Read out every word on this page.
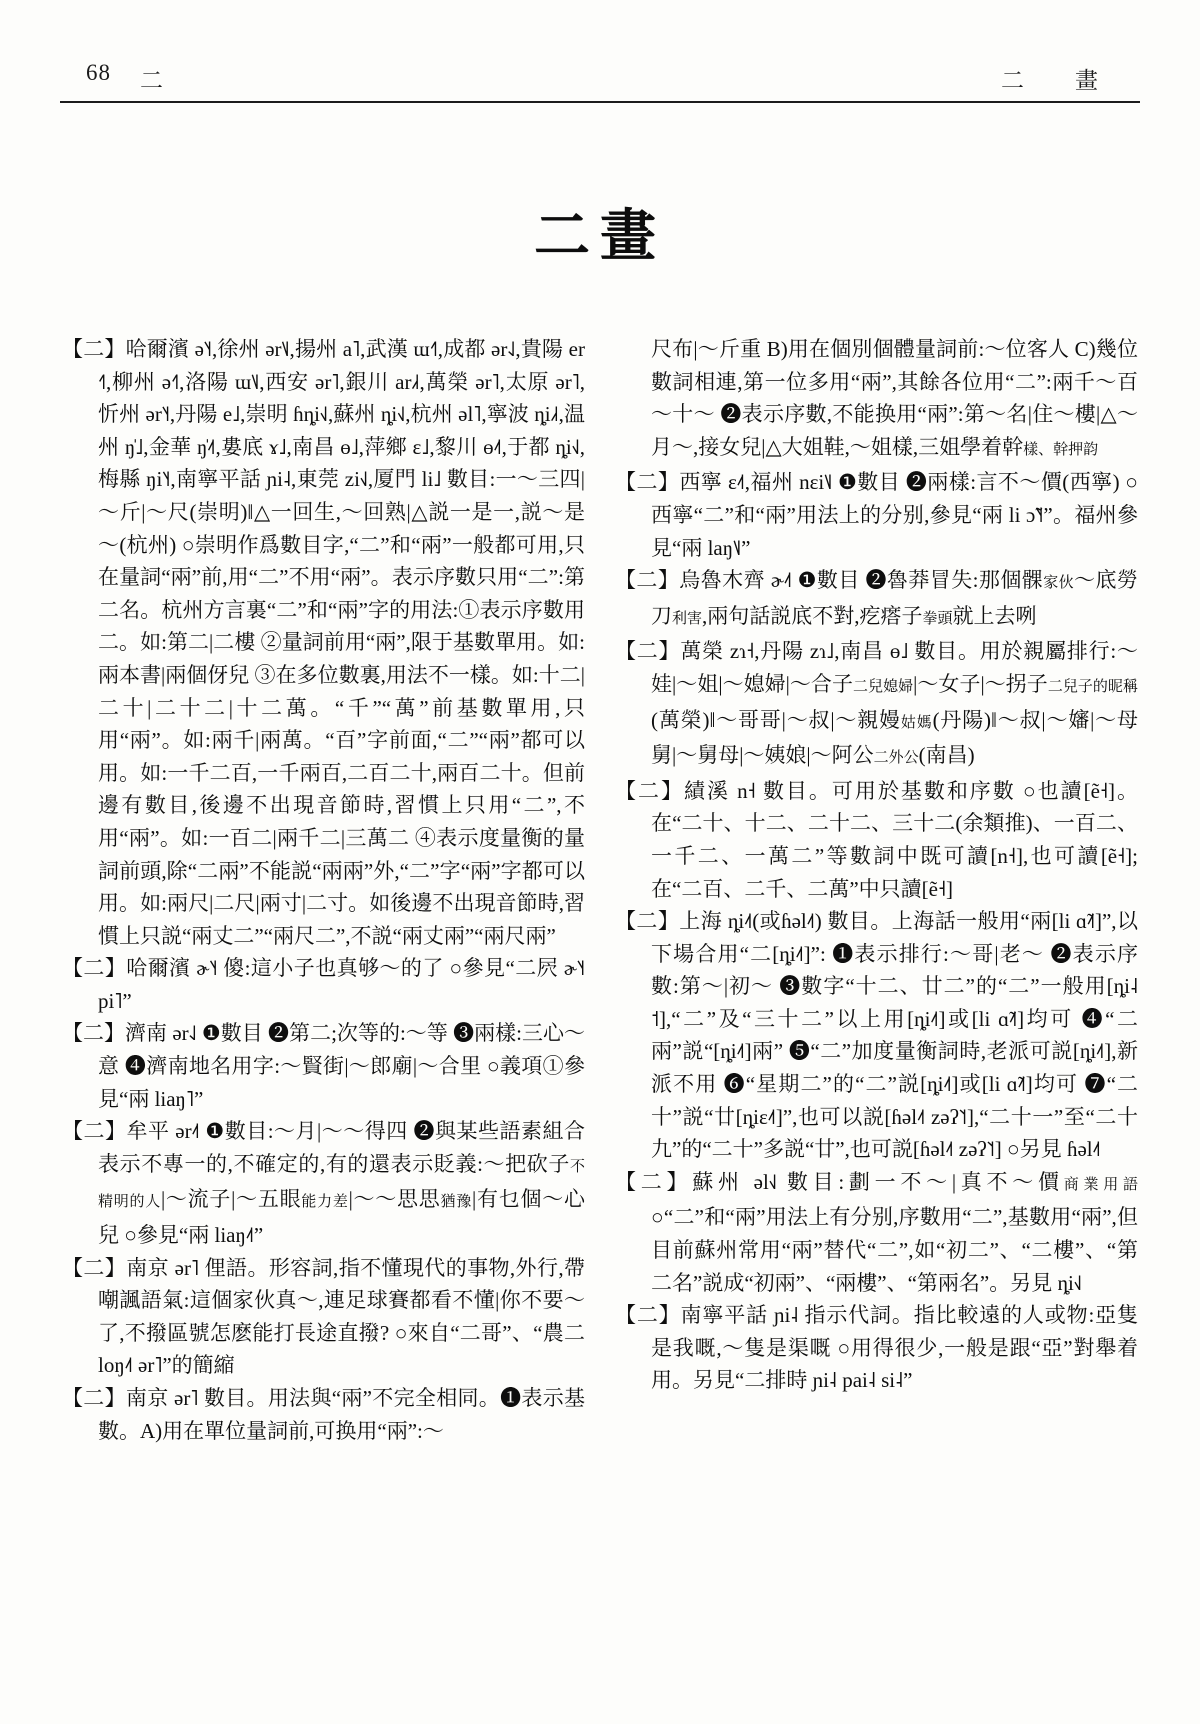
68 二	二　畫
二畫

【二】哈爾濱 ə˥˧,徐州 ər˥˩,揚州 a˥,武漢 ɯ˧˥,成都 ər˨˩,貴陽 er˧˥,柳州 ə˧˥,洛陽 ɯ˥˩,西安 ər˥,銀川 ar˩˧,萬榮 ər˥,太原 ər˥,忻州 ər˥˧,丹陽 e˩,崇明 ɦȵi˧˩,蘇州 ȵi˧˩,杭州 əl˥,寧波 ȵi˩˧,温州 ŋ̍˩,金華 ŋ̍˨˦,婁底 ɤ˩,南昌 ɵ˩,萍鄉 ɛ˩,黎川 ɵ˨˦,于都 ȵi˧˩,梅縣 ŋi˥˧,南寧平話 ɲi˨,東莞 zi˧˩,厦門 li˩ 數目:一～三四|～斤|～尺(崇明)‖△一回生,～回熟|△説一是一,説～是～(杭州) ○崇明作爲數目字,“二”和“兩”一般都可用,只在量詞“兩”前,用“二”不用“兩”。表示序數只用“二”:第二名。杭州方言裏“二”和“兩”字的用法:①表示序數用二。如:第二|二樓 ②量詞前用“兩”,限于基數單用。如:兩本書|兩個伢兒 ③在多位數裏,用法不一樣。如:十二|二十|二十二|十二萬。“千”“萬”前基數單用,只用“兩”。如:兩千|兩萬。“百”字前面,“二”“兩”都可以用。如:一千二百,一千兩百,二百二十,兩百二十。但前邊有數目,後邊不出現音節時,習慣上只用“二”,不用“兩”。如:一百二|兩千二|三萬二 ④表示度量衡的量詞前頭,除“二兩”不能説“兩兩”外,“二”字“兩”字都可以用。如:兩尺|二尺|兩寸|二寸。如後邊不出現音節時,習慣上只説“兩丈二”“兩尺二”,不説“兩丈兩”“兩尺兩”

【二】哈爾濱 ɚ˥˧ 傻:這小子也真够～的了 ○參見“二屄 ɚ˥˧ pi˥”

【二】濟南 ər˨˩ ❶數目 ❷第二;次等的:～等 ❸兩樣:三心～意 ❹濟南地名用字:～賢街|～郎廟|～合里 ○義項①參見“兩 liaŋ˥”

【二】牟平 ər˨˦ ❶數目:～月|～～得四 ❷與某些語素組合表示不專一的,不確定的,有的還表示貶義:～把砍子不精明的人|～流子|～五眼能力差|～～思思猶豫|有乜個～心兒 ○參見“兩 liaŋ˨˦”

【二】南京 ər˥ 俚語。形容詞,指不懂現代的事物,外行,帶嘲諷語氣:這個家伙真～,連足球賽都看不懂|你不要～了,不撥區號怎麽能打長途直撥? ○來自“二哥”、“農二 loŋ˨˦ ər˥”的簡縮

【二】南京 ər˥ 數目。用法與“兩”不完全相同。❶表示基數。A)用在單位量詞前,可换用“兩”:～

尺布|～斤重 B)用在個別個體量詞前:～位客人 C)幾位數詞相連,第一位多用“兩”,其餘各位用“二”:兩千～百～十～ ❷表示序數,不能换用“兩”:第～名|住～樓|△～月～,接女兒|△大姐鞋,～姐樣,三姐學着幹樣、幹押韵

【二】西寧 ɛ˨˦,福州 nɛi˥˩ ❶數目 ❷兩樣:言不～價(西寧) ○西寧“二”和“兩”用法上的分别,參見“兩 li ɔ̃˥˧”。福州參見“兩 laŋ˥˩”

【二】烏魯木齊 ɚ˨˦ ❶數目 ❷魯莽冒失:那個髁家伙～底勞刀利害,兩句話説底不對,疙瘩子拳頭就上去咧

【二】萬榮 zɿ˧,丹陽 zɿ˩,南昌 ɵ˩ 數目。用於親屬排行:～娃|～姐|～媳婦|～合子二兒媳婦|～女子|～拐子二兒子的昵稱(萬榮)‖～哥哥|～叔|～親嫚姑媽(丹陽)‖～叔|～嬸|～母舅|～舅母|～姨娘|～阿公二外公(南昌)

【二】績溪 n˧ 數目。可用於基數和序數 ○也讀[ẽ˧]。在“二十、十二、二十二、三十二(余類推)、一百二、一千二、一萬二”等數詞中既可讀[n˧],也可讀[ẽ˧];在“二百、二千、二萬”中只讀[ẽ˧]

【二】上海 ȵi˨˦(或ɦəl˨˦) 數目。上海話一般用“兩[li ɑ̃˨˦]”,以下場合用“二[ȵi˨˦]”: ❶表示排行:～哥|老～ ❷表示序數:第～|初～ ❸數字“十二、廿二”的“二”一般用[ȵi˨˦],“二”及“三十二”以上用[ȵi˨˦]或[li ɑ̃˨˦]均可 ❹“二兩”説“[ȵi˨˦]兩” ❺“二”加度量衡詞時,老派可説[ȵi˨˦],新派不用 ❻“星期二”的“二”説[ȵi˨˦]或[li ɑ̃˨˦]均可 ❼“二十”説“廿[ȵiɛ˨˦]”,也可以説[ɦəl˨˦ zəʔ˥˦],“二十一”至“二十九”的“二十”多説“廿”,也可説[ɦəl˨˦ zəʔ˥˦] ○另見 ɦəl˨˦

【二】蘇州 əl˧˩ 數目:劃一不～|真不～價商業用語 ○“二”和“兩”用法上有分别,序數用“二”,基數用“兩”,但目前蘇州常用“兩”替代“二”,如“初二”、“二樓”、“第二名”説成“初兩”、“兩樓”、“第兩名”。另見 ȵi˧˩

【二】南寧平話 ɲi˨ 指示代詞。指比較遠的人或物:亞隻是我嘅,～隻是渠嘅 ○用得很少,一般是跟“亞”對舉着用。另見“二排時 ɲi˨ pai˨ si˨”
